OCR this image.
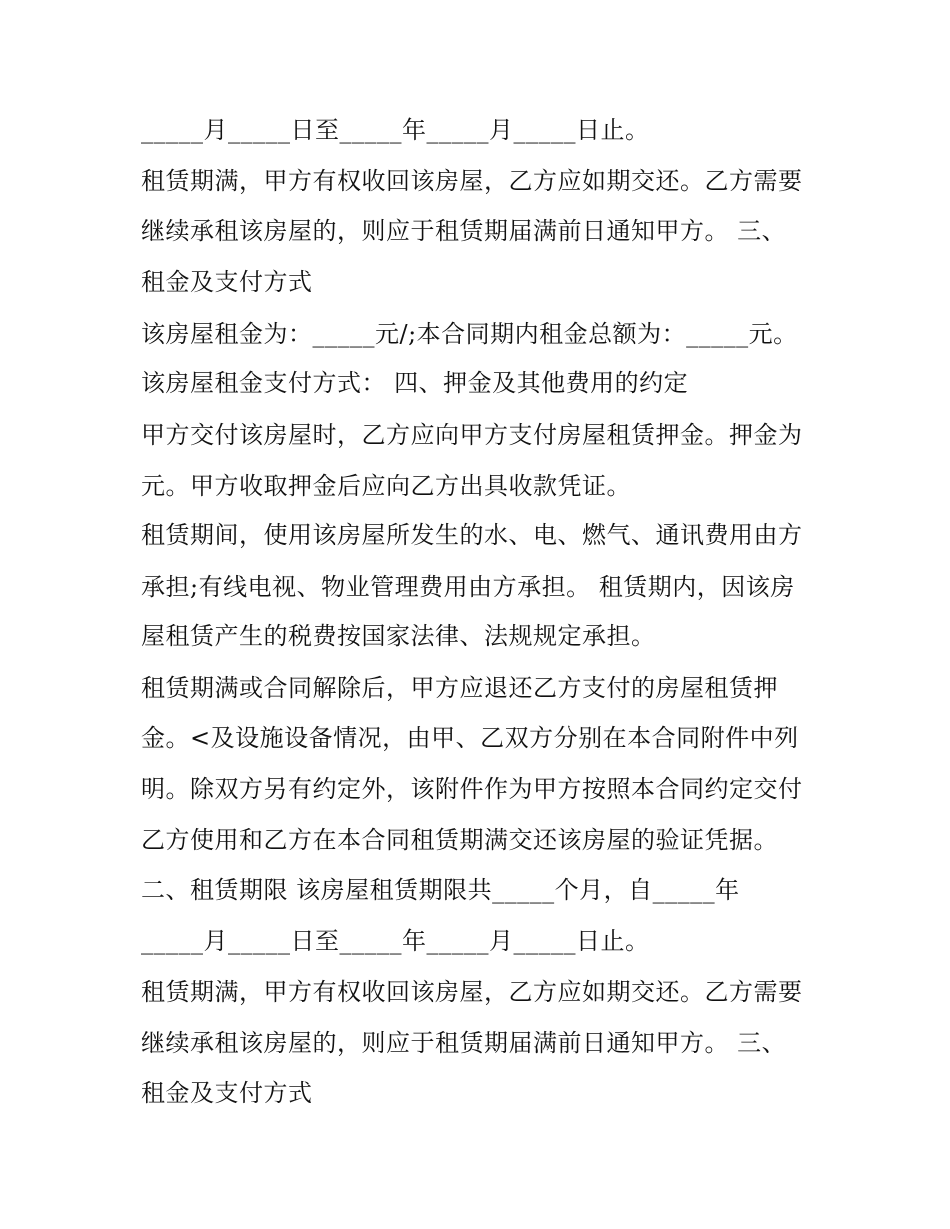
_____月_____日至_____年_____月_____日止。
租赁期满，甲方有权收回该房屋，乙方应如期交还。乙方需要
继续承租该房屋的，则应于租赁期届满前日通知甲方。 三、
租金及支付方式
该房屋租金为：_____元/;本合同期内租金总额为：_____元。
该房屋租金支付方式： 四、押金及其他费用的约定
甲方交付该房屋时，乙方应向甲方支付房屋租赁押金。押金为
元。甲方收取押金后应向乙方出具收款凭证。
租赁期间，使用该房屋所发生的水、电、燃气、通讯费用由方
承担;有线电视、物业管理费用由方承担。 租赁期内，因该房
屋租赁产生的税费按国家法律、法规规定承担。
租赁期满或合同解除后，甲方应退还乙方支付的房屋租赁押
金。<及设施设备情况，由甲、乙双方分别在本合同附件中列
明。除双方另有约定外，该附件作为甲方按照本合同约定交付
乙方使用和乙方在本合同租赁期满交还该房屋的验证凭据。
二、租赁期限 该房屋租赁期限共_____个月，自_____年
_____月_____日至_____年_____月_____日止。
租赁期满，甲方有权收回该房屋，乙方应如期交还。乙方需要
继续承租该房屋的，则应于租赁期届满前日通知甲方。 三、
租金及支付方式
